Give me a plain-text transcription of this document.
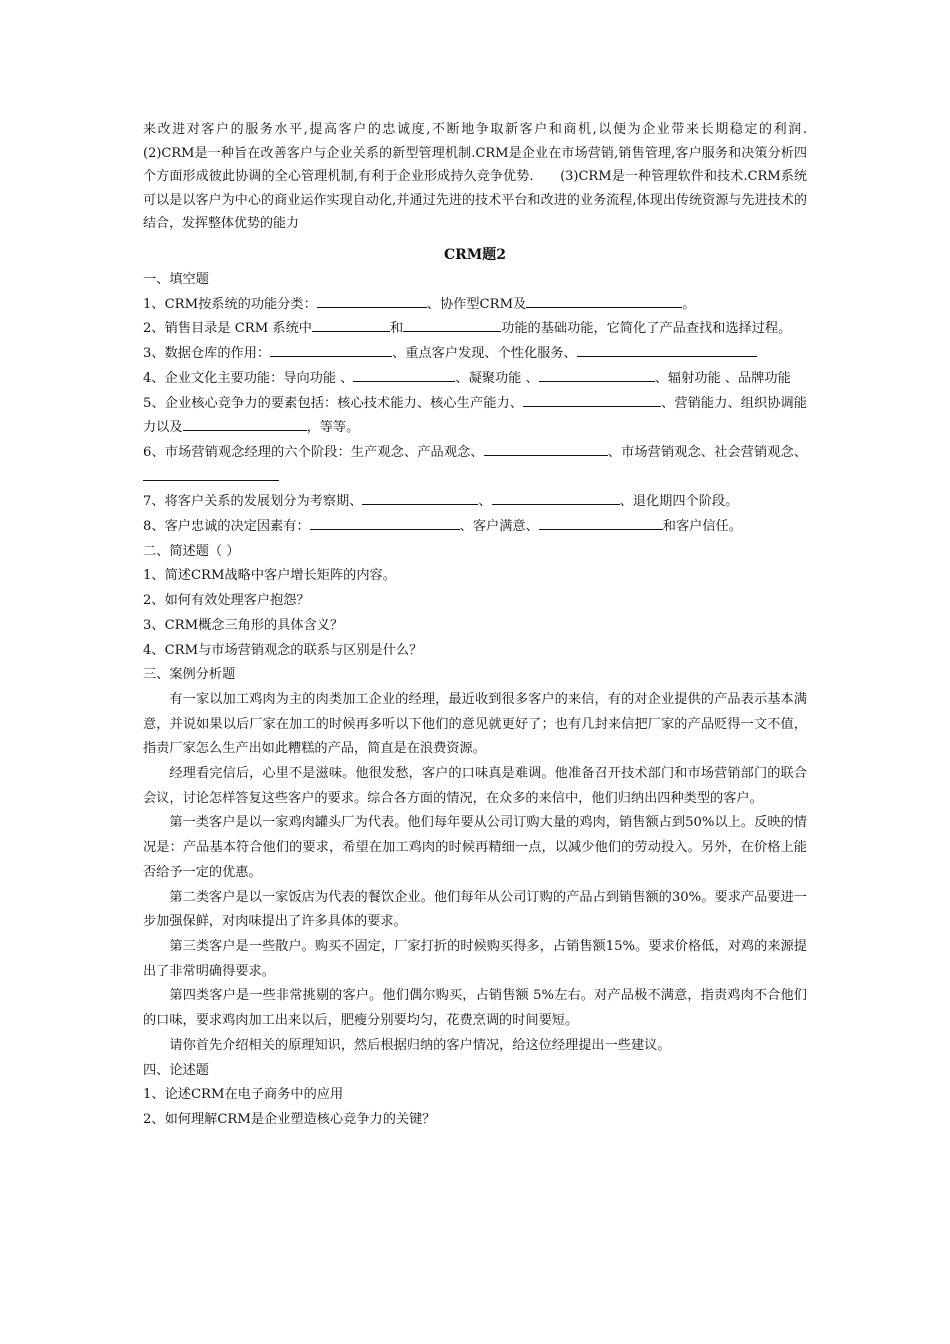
来改进对客户的服务水平,提高客户的忠诚度,不断地争取新客户和商机,以便为企业带来长期稳定的利润.　　(2)CRM是一种旨在改善客户与企业关系的新型管理机制.CRM是企业在市场营销,销售管理,客户服务和决策分析四个方面形成彼此协调的全心管理机制,有利于企业形成持久竞争优势.　　(3)CRM是一种管理软件和技术.CRM系统可以是以客户为中心的商业运作实现自动化,并通过先进的技术平台和改进的业务流程,体现出传统资源与先进技术的结合，发挥整体优势的能力
CRM题2
一、填空题
1、CRM按系统的功能分类：	、协作型CRM及	。
2、销售目录是 CRM 系统中	和	功能的基础功能，它简化了产品查找和选择过程。
3、数据仓库的作用：	、重点客户发现、个性化服务、
4、企业文化主要功能：导向功能 、	、凝聚功能 、	、辐射功能 、品牌功能
5、企业核心竞争力的要素包括：核心技术能力、核心生产能力、	、营销能力、组织协调能力以及	，等等。
6、市场营销观念经理的六个阶段：生产观念、产品观念、	、市场营销观念、社会营销观念、
7、将客户关系的发展划分为考察期、	、	、退化期四个阶段。
8、客户忠诚的决定因素有：	、客户满意、	和客户信任。
二、简述题（ ）
1、简述CRM战略中客户增长矩阵的内容。
2、如何有效处理客户抱怨？
3、CRM概念三角形的具体含义？
4、CRM与市场营销观念的联系与区别是什么？
三、案例分析题
有一家以加工鸡肉为主的肉类加工企业的经理，最近收到很多客户的来信，有的对企业提供的产品表示基本满意，并说如果以后厂家在加工的时候再多听以下他们的意见就更好了；也有几封来信把厂家的产品贬得一文不值，指责厂家怎么生产出如此糟糕的产品，简直是在浪费资源。
经理看完信后，心里不是滋味。他很发愁，客户的口味真是难调。他准备召开技术部门和市场营销部门的联合会议，讨论怎样答复这些客户的要求。综合各方面的情况，在众多的来信中，他们归纳出四种类型的客户。
第一类客户是以一家鸡肉罐头厂为代表。他们每年要从公司订购大量的鸡肉，销售额占到50%以上。反映的情况是：产品基本符合他们的要求，希望在加工鸡肉的时候再精细一点，以减少他们的劳动投入。另外，在价格上能否给予一定的优惠。
第二类客户是以一家饭店为代表的餐饮企业。他们每年从公司订购的产品占到销售额的30%。要求产品要进一步加强保鲜，对肉味提出了许多具体的要求。
第三类客户是一些散户。购买不固定，厂家打折的时候购买得多，占销售额15%。要求价格低，对鸡的来源提出了非常明确得要求。
第四类客户是一些非常挑剔的客户。他们偶尔购买，占销售额 5%左右。对产品极不满意，指责鸡肉不合他们的口味，要求鸡肉加工出来以后，肥瘦分别要均匀，花费烹调的时间要短。
请你首先介绍相关的原理知识，然后根据归纳的客户情况，给这位经理提出一些建议。
四、论述题
1、论述CRM在电子商务中的应用
2、如何理解CRM是企业塑造核心竞争力的关键？
